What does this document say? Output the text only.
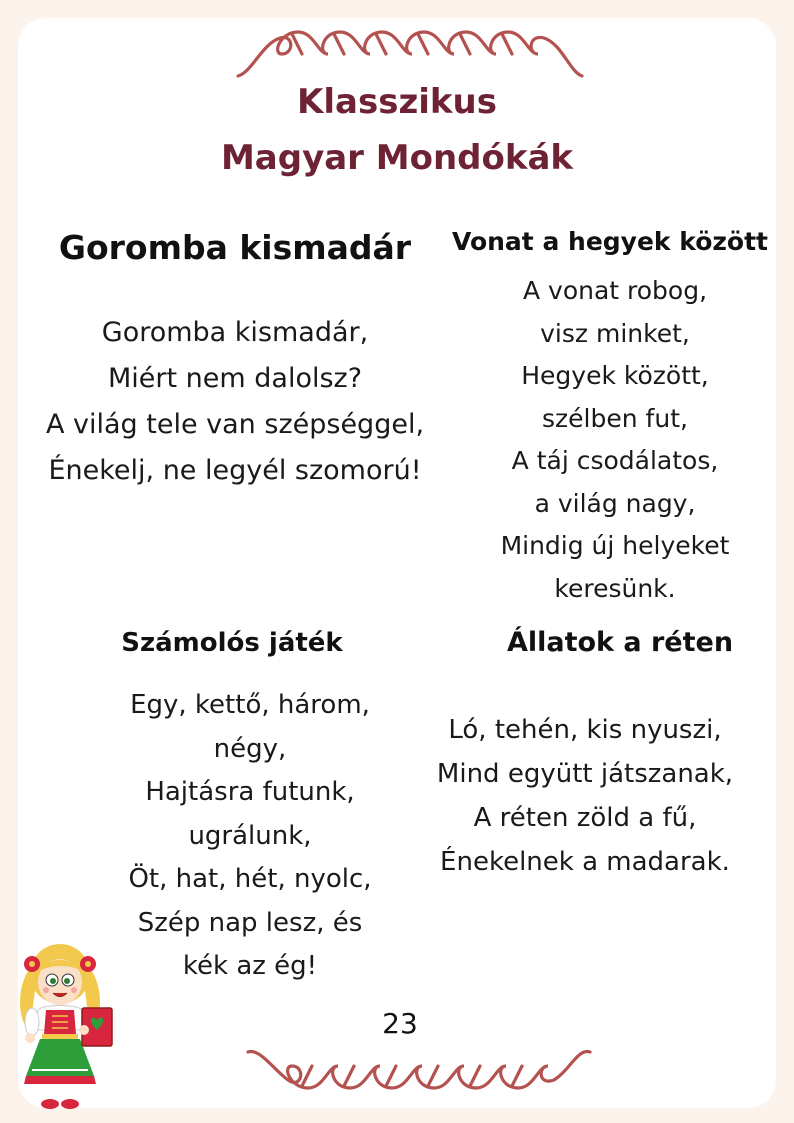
Klasszikus
Magyar Mondókák
Goromba kismadár
Goromba kismadár,
Miért nem dalolsz?
A világ tele van szépséggel,
Énekelj, ne legyél szomorú!
Vonat a hegyek között
A vonat robog,
visz minket,
Hegyek között,
szélben fut,
A táj csodálatos,
a világ nagy,
Mindig új helyeket
keresünk.
Számolós játék
Egy, kettő, három,
négy,
Hajtásra futunk,
ugrálunk,
Öt, hat, hét, nyolc,
Szép nap lesz, és
kék az ég!
Állatok a réten
Ló, tehén, kis nyuszi,
Mind együtt játszanak,
A réten zöld a fű,
Énekelnek a madarak.
23
